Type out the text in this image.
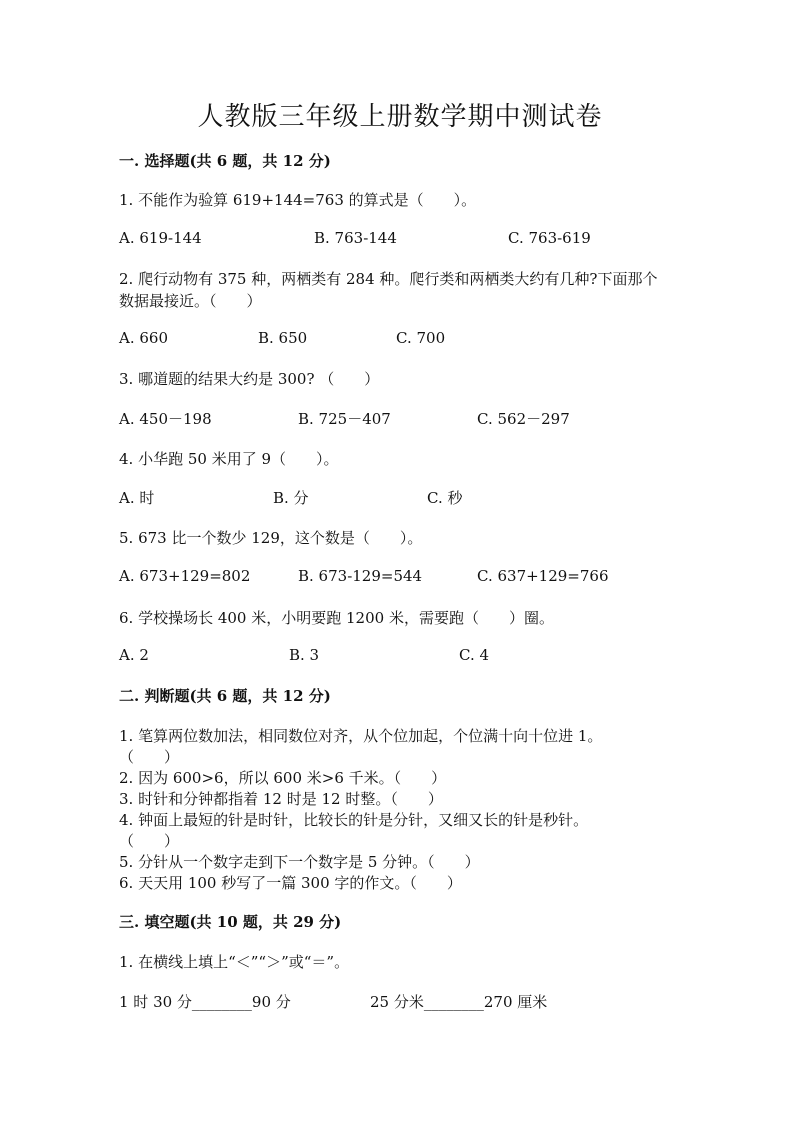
人教版三年级上册数学期中测试卷
一. 选择题(共 6 题，共 12 分)
1. 不能作为验算 619+144=763 的算式是（　　）。
A. 619-144	B. 763-144	C. 763-619
2. 爬行动物有 375 种，两栖类有 284 种。爬行类和两栖类大约有几种?下面那个
数据最接近。（　　）
A. 660	B. 650	C. 700
3. 哪道题的结果大约是 300? （　　）
A. 450－198	B. 725－407	C. 562－297
4. 小华跑 50 米用了 9（　　）。
A. 时	B. 分	C. 秒
5. 673 比一个数少 129，这个数是（　　）。
A. 673+129=802	B. 673-129=544	C. 637+129=766
6. 学校操场长 400 米，小明要跑 1200 米，需要跑（　　）圈。
A. 2	B. 3	C. 4
二. 判断题(共 6 题，共 12 分)
1. 笔算两位数加法，相同数位对齐，从个位加起，个位满十向十位进 1。
（　　）
2. 因为 600>6，所以 600 米>6 千米。（　　）
3. 时针和分钟都指着 12 时是 12 时整。（　　）
4. 钟面上最短的针是时针，比较长的针是分针，又细又长的针是秒针。
（　　）
5. 分针从一个数字走到下一个数字是 5 分钟。（　　）
6. 天天用 100 秒写了一篇 300 字的作文。（　　）
三. 填空题(共 10 题，共 29 分)
1. 在横线上填上“＜”“＞”或“＝”。
1 时 30 分________90 分	25 分米________270 厘米
